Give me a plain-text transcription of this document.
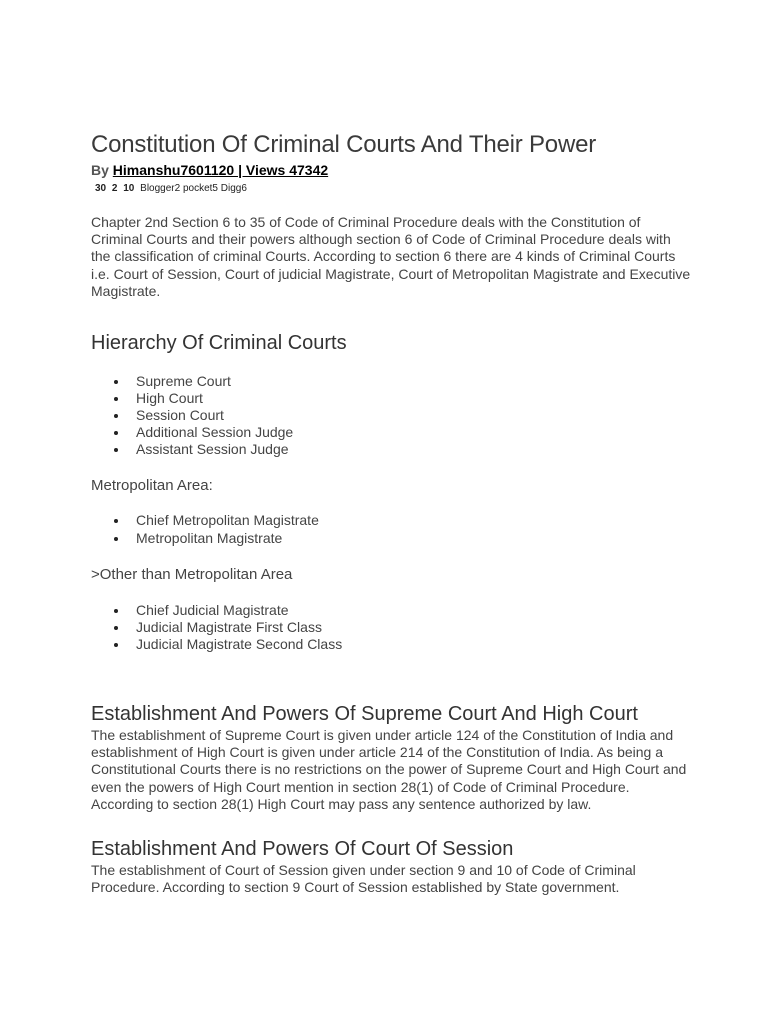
Constitution Of Criminal Courts And Their Power
By Himanshu7601120 | Views 47342
30 2 10 Blogger2 pocket5 Digg6

Chapter 2nd Section 6 to 35 of Code of Criminal Procedure deals with the Constitution of Criminal Courts and their powers although section 6 of Code of Criminal Procedure deals with the classification of criminal Courts. According to section 6 there are 4 kinds of Criminal Courts i.e. Court of Session, Court of judicial Magistrate, Court of Metropolitan Magistrate and Executive Magistrate.

Hierarchy Of Criminal Courts
Supreme Court
High Court
Session Court
Additional Session Judge
Assistant Session Judge
Metropolitan Area:
Chief Metropolitan Magistrate
Metropolitan Magistrate
>Other than Metropolitan Area
Chief Judicial Magistrate
Judicial Magistrate First Class
Judicial Magistrate Second Class
Establishment And Powers Of Supreme Court And High Court

The establishment of Supreme Court is given under article 124 of the Constitution of India and establishment of High Court is given under article 214 of the Constitution of India. As being a Constitutional Courts there is no restrictions on the power of Supreme Court and High Court and even the powers of High Court mention in section 28(1) of Code of Criminal Procedure. According to section 28(1) High Court may pass any sentence authorized by law.

Establishment And Powers Of Court Of Session

The establishment of Court of Session given under section 9 and 10 of Code of Criminal Procedure. According to section 9 Court of Session established by State government.
